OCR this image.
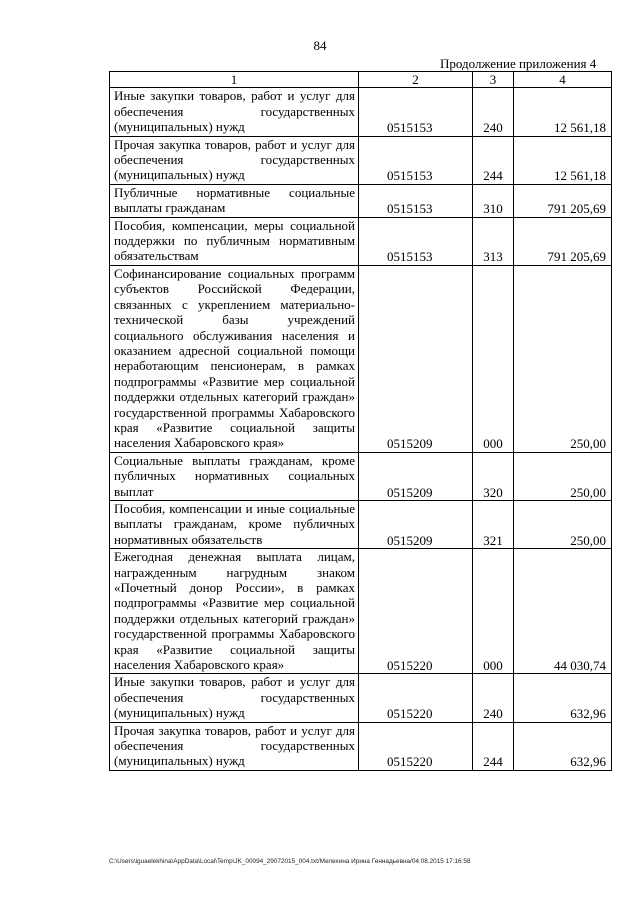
84
Продолжение приложения 4
1	2	3	4
Иные закупки товаров, работ и услуг для обеспечения государственных (муниципальных) нужд	0515153	240	12 561,18
Прочая закупка товаров, работ и услуг для обеспечения государственных (муниципальных) нужд	0515153	244	12 561,18
Публичные нормативные социальные выплаты гражданам	0515153	310	791 205,69
Пособия, компенсации, меры социальной поддержки по публичным нормативным обязательствам	0515153	313	791 205,69
Софинансирование социальных программ субъектов Российской Федерации, связанных с укреплением материально-технической базы учреждений социального обслуживания населения и оказанием адресной социальной помощи неработающим пенсионерам, в рамках подпрограммы «Развитие мер социальной поддержки отдельных категорий граждан» государственной программы Хабаровского края «Развитие социальной защиты населения Хабаровского края»	0515209	000	250,00
Социальные выплаты гражданам, кроме публичных нормативных социальных выплат	0515209	320	250,00
Пособия, компенсации и иные социальные выплаты гражданам, кроме публичных нормативных обязательств	0515209	321	250,00
Ежегодная денежная выплата лицам, награжденным нагрудным знаком «Почетный донор России», в рамках подпрограммы «Развитие мер социальной поддержки отдельных категорий граждан» государственной программы Хабаровского края «Развитие социальной защиты населения Хабаровского края»	0515220	000	44 030,74
Иные закупки товаров, работ и услуг для обеспечения государственных (муниципальных) нужд	0515220	240	632,96
Прочая закупка товаров, работ и услуг для обеспечения государственных (муниципальных) нужд	0515220	244	632,96
C:\Users\iguaelekhina\AppData\Local\Temp\JK_00094_29072015_004.txt/Мелехина Ирина Геннадьевна/04.08.2015 17:16:58
